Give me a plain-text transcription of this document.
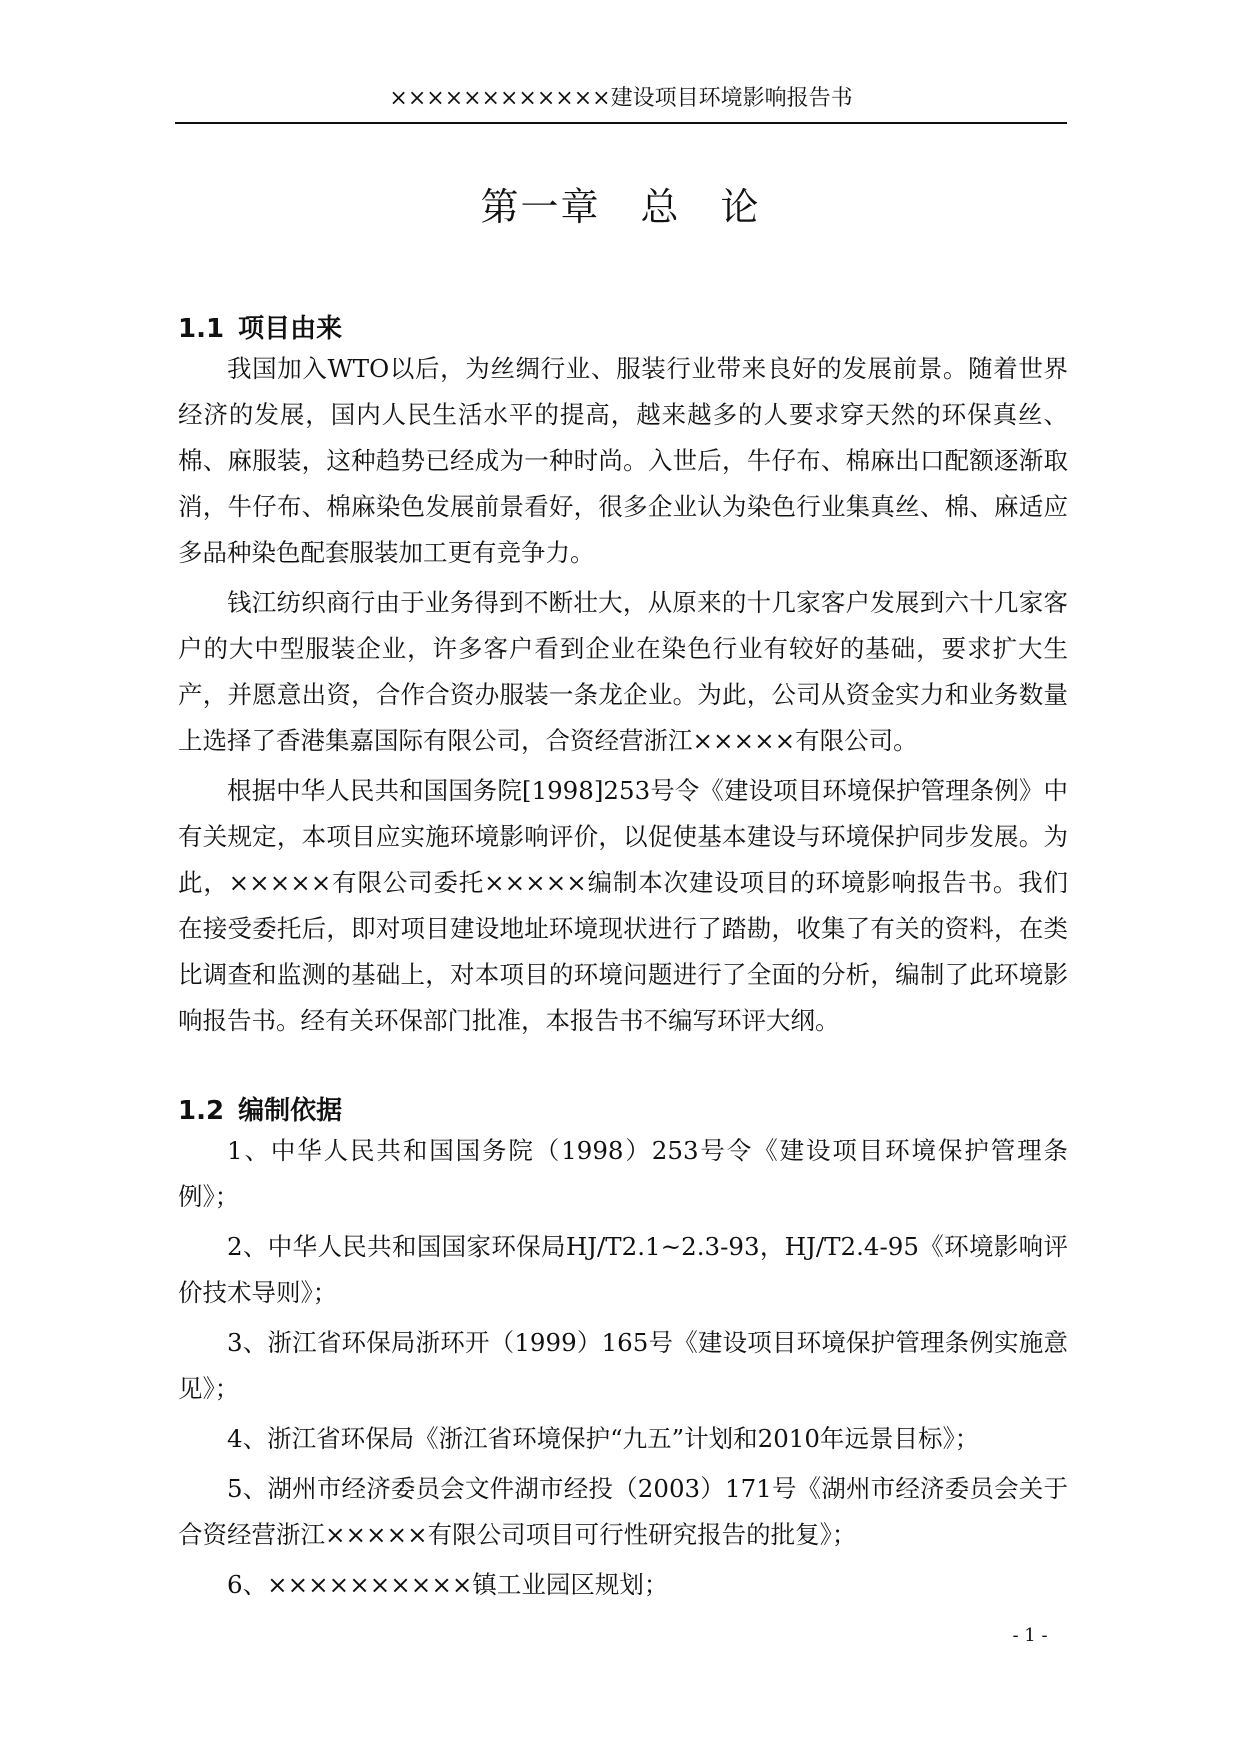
××××××××××××建设项目环境影响报告书
第一章　总　论
1.1 项目由来

我国加入WTO以后，为丝绸行业、服装行业带来良好的发展前景。随着世界经济的发展，国内人民生活水平的提高，越来越多的人要求穿天然的环保真丝、棉、麻服装，这种趋势已经成为一种时尚。入世后，牛仔布、棉麻出口配额逐渐取消，牛仔布、棉麻染色发展前景看好，很多企业认为染色行业集真丝、棉、麻适应多品种染色配套服装加工更有竞争力。

钱江纺织商行由于业务得到不断壮大，从原来的十几家客户发展到六十几家客户的大中型服装企业，许多客户看到企业在染色行业有较好的基础，要求扩大生产，并愿意出资，合作合资办服装一条龙企业。为此，公司从资金实力和业务数量上选择了香港集嘉国际有限公司，合资经营浙江×××××有限公司。

根据中华人民共和国国务院[1998]253号令《建设项目环境保护管理条例》中有关规定，本项目应实施环境影响评价，以促使基本建设与环境保护同步发展。为此，×××××有限公司委托×××××编制本次建设项目的环境影响报告书。我们在接受委托后，即对项目建设地址环境现状进行了踏勘，收集了有关的资料，在类比调查和监测的基础上，对本项目的环境问题进行了全面的分析，编制了此环境影响报告书。经有关环保部门批准，本报告书不编写环评大纲。

1.2 编制依据

1、中华人民共和国国务院（1998）253号令《建设项目环境保护管理条例》；

2、中华人民共和国国家环保局HJ/T2.1~2.3-93，HJ/T2.4-95《环境影响评价技术导则》；

3、浙江省环保局浙环开（1999）165号《建设项目环境保护管理条例实施意见》；

4、浙江省环保局《浙江省环境保护“九五”计划和2010年远景目标》；

5、湖州市经济委员会文件湖市经投（2003）171号《湖州市经济委员会关于合资经营浙江×××××有限公司项目可行性研究报告的批复》；

6、××××××××××镇工业园区规划；

- 1 -
